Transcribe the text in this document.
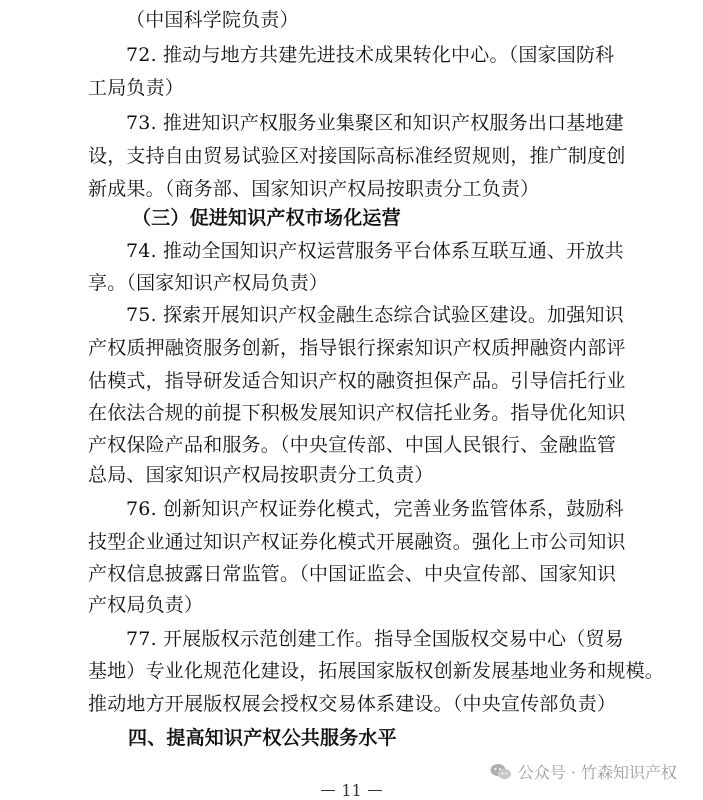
（中国科学院负责）
72. 推动与地方共建先进技术成果转化中心。（国家国防科
工局负责）
73. 推进知识产权服务业集聚区和知识产权服务出口基地建
设，支持自由贸易试验区对接国际高标准经贸规则，推广制度创
新成果。（商务部、国家知识产权局按职责分工负责）
（三）促进知识产权市场化运营
74. 推动全国知识产权运营服务平台体系互联互通、开放共
享。（国家知识产权局负责）
75. 探索开展知识产权金融生态综合试验区建设。加强知识
产权质押融资服务创新，指导银行探索知识产权质押融资内部评
估模式，指导研发适合知识产权的融资担保产品。引导信托行业
在依法合规的前提下积极发展知识产权信托业务。指导优化知识
产权保险产品和服务。（中央宣传部、中国人民银行、金融监管
总局、国家知识产权局按职责分工负责）
76. 创新知识产权证券化模式，完善业务监管体系，鼓励科
技型企业通过知识产权证券化模式开展融资。强化上市公司知识
产权信息披露日常监管。（中国证监会、中央宣传部、国家知识
产权局负责）
77. 开展版权示范创建工作。指导全国版权交易中心（贸易
基地）专业化规范化建设，拓展国家版权创新发展基地业务和规模。
推动地方开展版权展会授权交易体系建设。（中央宣传部负责）
四、提高知识产权公共服务水平
公众号 · 竹森知识产权
11
